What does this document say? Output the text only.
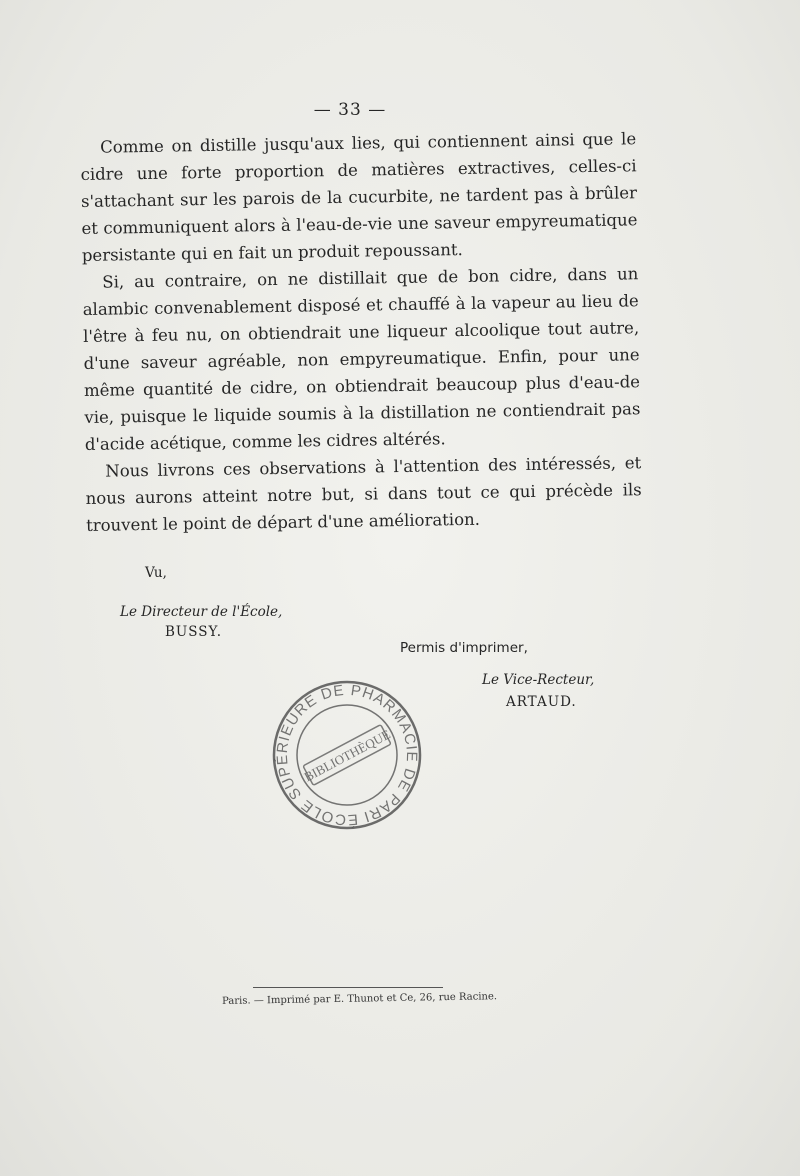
— 33 —

Comme on distille jusqu'aux lies, qui contiennent ainsi que le cidre une forte proportion de matières extractives, celles-ci s'attachant sur les parois de la cucurbite, ne tardent pas à brûler et communiquent alors à l'eau-de-vie une saveur empyreumatique persistante qui en fait un produit repoussant.

Si, au contraire, on ne distillait que de bon cidre, dans un alambic convenablement disposé et chauffé à la vapeur au lieu de l'être à feu nu, on obtiendrait une liqueur alcoolique tout autre, d'une saveur agréable, non empyreumatique. Enfin, pour une même quantité de cidre, on obtiendrait beaucoup plus d'eau-de vie, puisque le liquide soumis à la distillation ne contiendrait pas d'acide acétique, comme les cidres altérés.

Nous livrons ces observations à l'attention des intéressés, et nous aurons atteint notre but, si dans tout ce qui précède ils trouvent le point de départ d'une amélioration.

Vu,
Le Directeur de l'École,
BUSSY.
Permis d'imprimer,
Le Vice-Recteur,
ARTAUD.
ÉCOLE SUPÉRIEURE DE PHARMACIE DE PARIS
BIBLIOTHÈQUE
Paris. — Imprimé par E. Thunot et Ce, 26, rue Racine.
